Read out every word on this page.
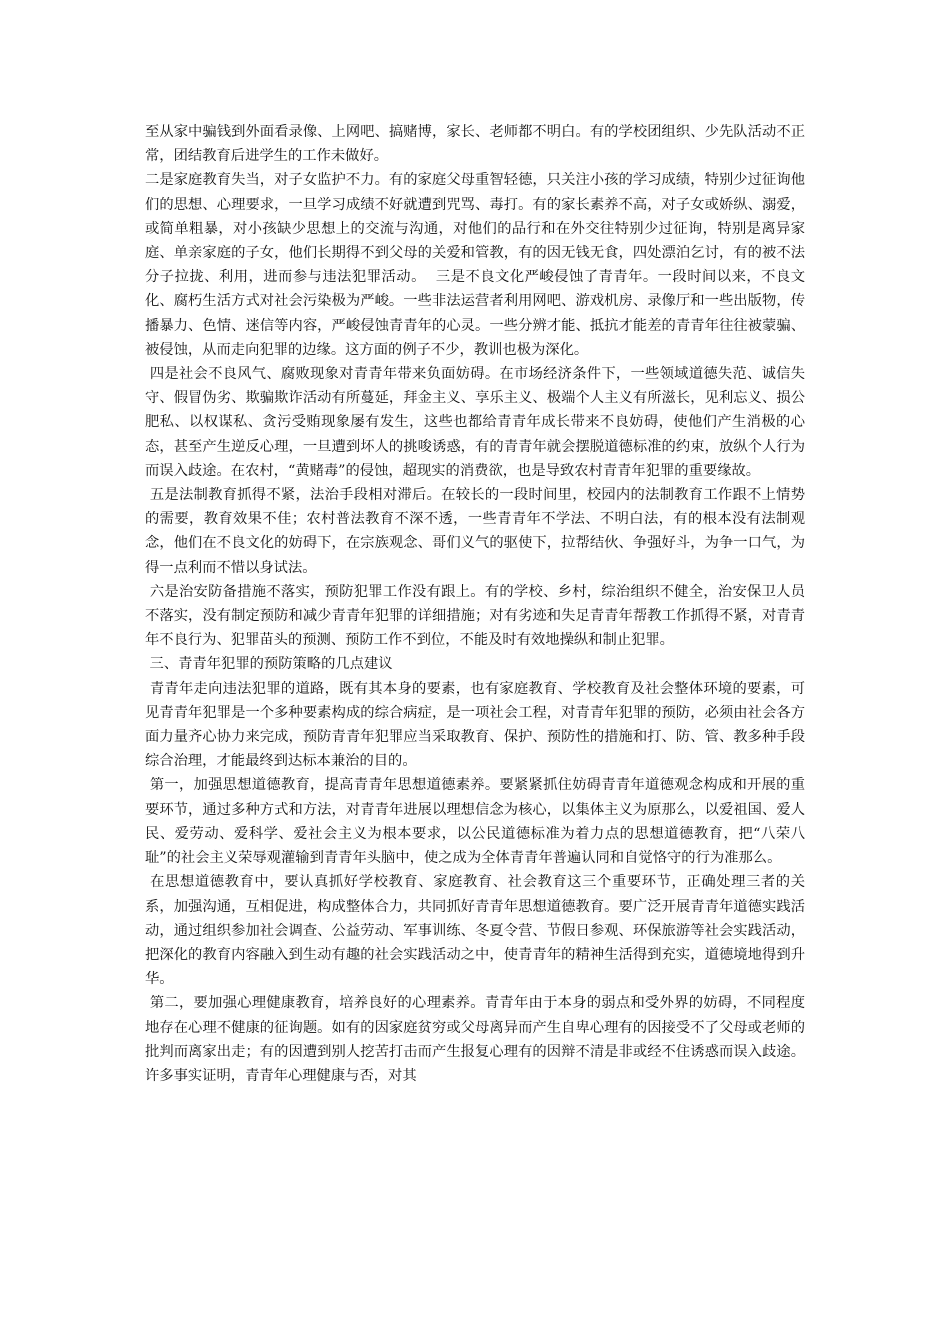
至从家中骗钱到外面看录像、上网吧、搞赌博，家长、老师都不明白。有的学校团组织、少先队活动不正常，团结教育后进学生的工作未做好。

二是家庭教育失当，对子女监护不力。有的家庭父母重智轻德，只关注小孩的学习成绩，特别少过征询他们的思想、心理要求，一旦学习成绩不好就遭到咒骂、毒打。有的家长素养不高，对子女或娇纵、溺爱，或简单粗暴，对小孩缺少思想上的交流与沟通，对他们的品行和在外交往特别少过征询，特别是离异家庭、单亲家庭的子女，他们长期得不到父母的关爱和管教，有的因无钱无食，四处漂泊乞讨，有的被不法分子拉拢、利用，进而参与违法犯罪活动。  三是不良文化严峻侵蚀了青青年。一段时间以来，不良文化、腐朽生活方式对社会污染极为严峻。一些非法运营者利用网吧、游戏机房、录像厅和一些出版物，传播暴力、色情、迷信等内容，严峻侵蚀青青年的心灵。一些分辨才能、抵抗才能差的青青年往往被蒙骗、被侵蚀，从而走向犯罪的边缘。这方面的例子不少，教训也极为深化。

四是社会不良风气、腐败现象对青青年带来负面妨碍。在市场经济条件下，一些领域道德失范、诚信失守、假冒伪劣、欺骗欺诈活动有所蔓延，拜金主义、享乐主义、极端个人主义有所滋长，见利忘义、损公肥私、以权谋私、贪污受贿现象屡有发生，这些也都给青青年成长带来不良妨碍，使他们产生消极的心态，甚至产生逆反心理，一旦遭到坏人的挑唆诱惑，有的青青年就会摆脱道德标准的约束，放纵个人行为而误入歧途。在农村，“黄赌毒”的侵蚀，超现实的消费欲，也是导致农村青青年犯罪的重要缘故。

五是法制教育抓得不紧，法治手段相对滞后。在较长的一段时间里，校园内的法制教育工作跟不上情势的需要，教育效果不佳；农村普法教育不深不透，一些青青年不学法、不明白法，有的根本没有法制观念，他们在不良文化的妨碍下，在宗族观念、哥们义气的驱使下，拉帮结伙、争强好斗，为争一口气，为得一点利而不惜以身试法。

六是治安防备措施不落实，预防犯罪工作没有跟上。有的学校、乡村，综治组织不健全，治安保卫人员不落实，没有制定预防和减少青青年犯罪的详细措施；对有劣迹和失足青青年帮教工作抓得不紧，对青青年不良行为、犯罪苗头的预测、预防工作不到位，不能及时有效地操纵和制止犯罪。

三、青青年犯罪的预防策略的几点建议

青青年走向违法犯罪的道路，既有其本身的要素，也有家庭教育、学校教育及社会整体环境的要素，可见青青年犯罪是一个多种要素构成的综合病症，是一项社会工程，对青青年犯罪的预防，必须由社会各方面力量齐心协力来完成，预防青青年犯罪应当采取教育、保护、预防性的措施和打、防、管、教多种手段综合治理，才能最终到达标本兼治的目的。

第一，加强思想道德教育，提高青青年思想道德素养。要紧紧抓住妨碍青青年道德观念构成和开展的重要环节，通过多种方式和方法，对青青年进展以理想信念为核心，以集体主义为原那么，以爱祖国、爱人民、爱劳动、爱科学、爱社会主义为根本要求，以公民道德标准为着力点的思想道德教育，把“八荣八耻”的社会主义荣辱观灌输到青青年头脑中，使之成为全体青青年普遍认同和自觉恪守的行为准那么。

在思想道德教育中，要认真抓好学校教育、家庭教育、社会教育这三个重要环节，正确处理三者的关系，加强沟通，互相促进，构成整体合力，共同抓好青青年思想道德教育。要广泛开展青青年道德实践活动，通过组织参加社会调查、公益劳动、军事训练、冬夏令营、节假日参观、环保旅游等社会实践活动，把深化的教育内容融入到生动有趣的社会实践活动之中，使青青年的精神生活得到充实，道德境地得到升华。

第二，要加强心理健康教育，培养良好的心理素养。青青年由于本身的弱点和受外界的妨碍，不同程度地存在心理不健康的征询题。如有的因家庭贫穷或父母离异而产生自卑心理有的因接受不了父母或老师的批判而离家出走；有的因遭到别人挖苦打击而产生报复心理有的因辩不清是非或经不住诱惑而误入歧途。许多事实证明，青青年心理健康与否，对其
